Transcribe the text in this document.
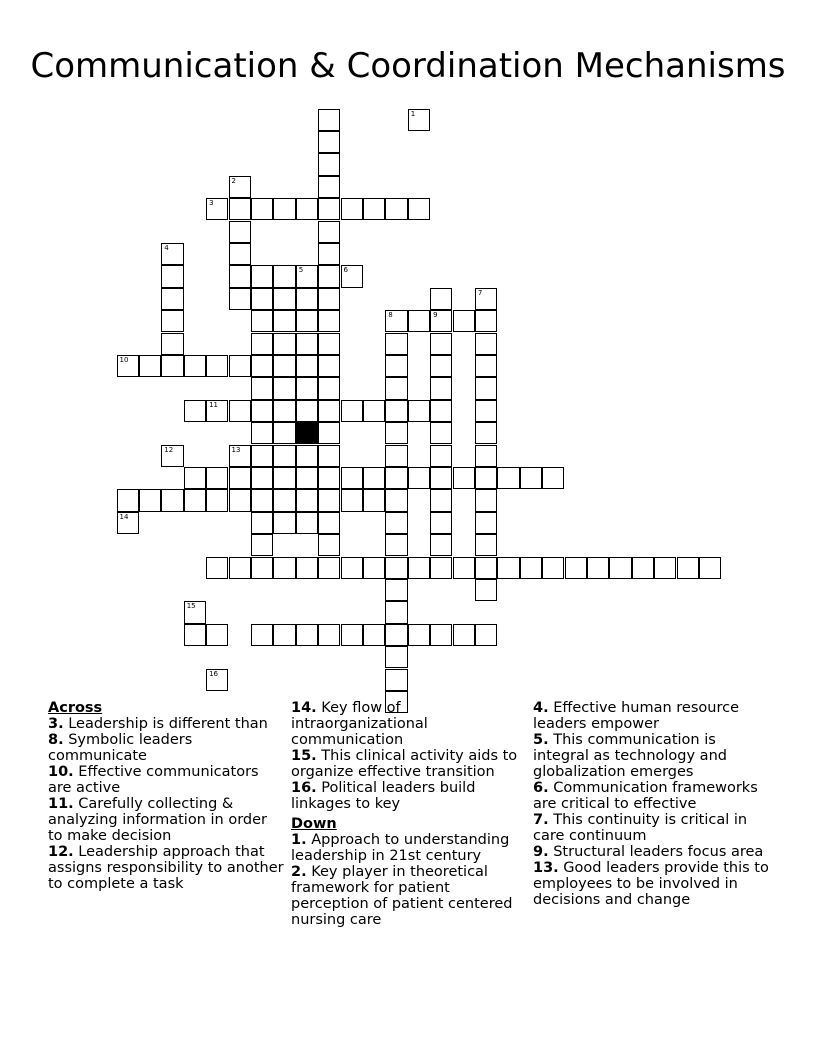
Communication & Coordination Mechanisms
2
3
4
5
9
10
11
1
6
7
8
12	13
14
15
16
Across
3. Leadership is different than
8. Symbolic leaders communicate
10. Effective communicators are active
11. Carefully collecting & analyzing information in order to make decision
12. Leadership approach that assigns responsibility to another to complete a task
14. Key flow of intraorganizational communication
15. This clinical activity aids to organize effective transition
16. Political leaders build linkages to key
Down
1. Approach to understanding leadership in 21st century
2. Key player in theoretical framework for patient perception of patient centered nursing care
4. Effective human resource leaders empower
5. This communication is integral as technology and globalization emerges
6. Communication frameworks are critical to effective
7. This continuity is critical in care continuum
9. Structural leaders focus area
13. Good leaders provide this to employees to be involved in decisions and change
